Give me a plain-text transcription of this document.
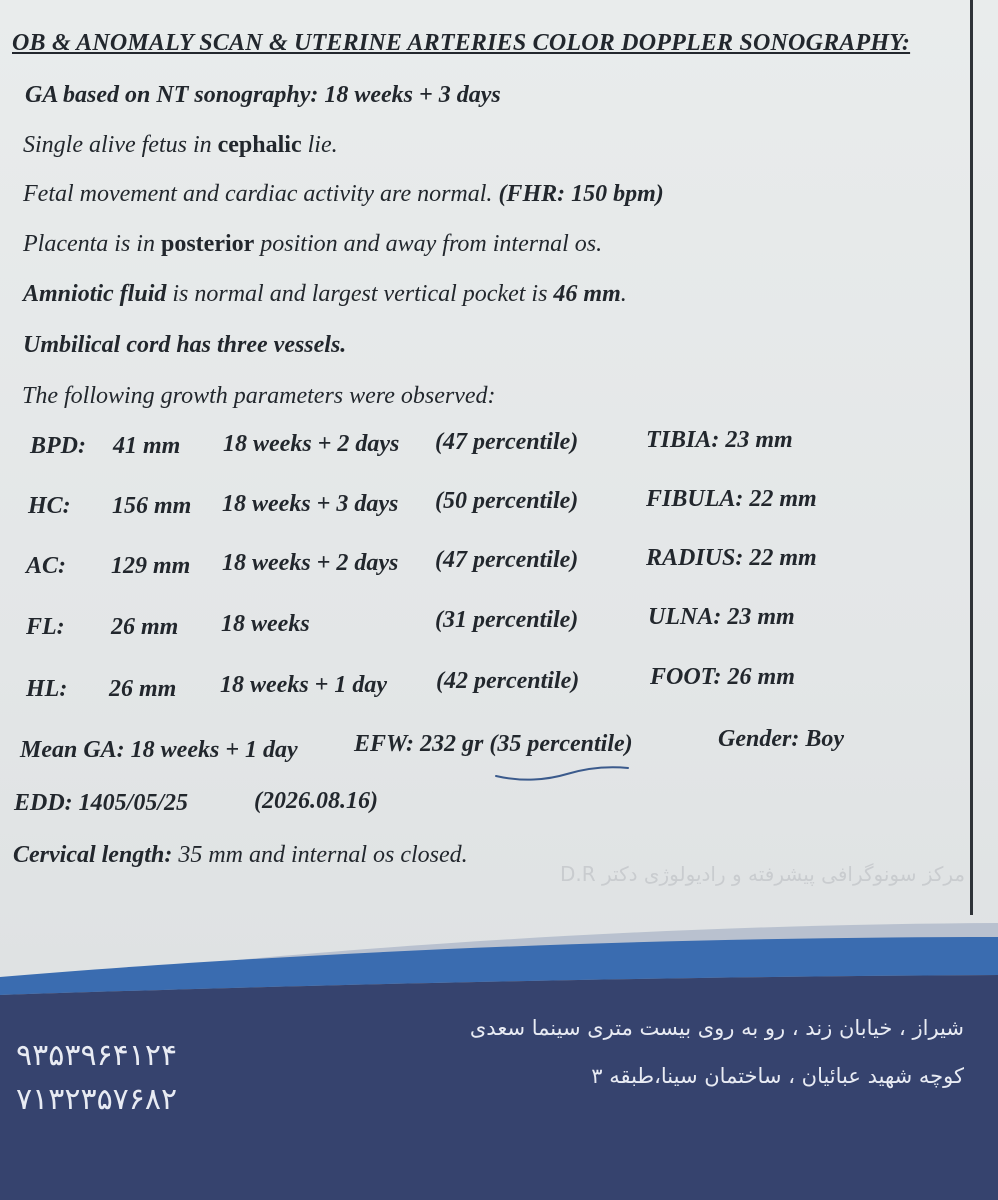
OB & ANOMALY SCAN & UTERINE ARTERIES COLOR DOPPLER SONOGRAPHY:
GA based on NT sonography: 18 weeks + 3 days
Single alive fetus in cephalic lie.
Fetal movement and cardiac activity are normal. (FHR: 150 bpm)
Placenta is in posterior position and away from internal os.
Amniotic fluid is normal and largest vertical pocket is 46 mm.
Umbilical cord has three vessels.
The following growth parameters were observed:
BPD: 41 mm 18 weeks + 2 days (47 percentile)	TIBIA: 23 mm
HC: 156 mm 18 weeks + 3 days (50 percentile)	FIBULA: 22 mm
AC: 129 mm 18 weeks + 2 days (47 percentile)	RADIUS: 22 mm
FL: 26 mm 18 weeks	(31 percentile)	ULNA: 23 mm
HL: 26 mm 18 weeks + 1 day (42 percentile)	FOOT: 26 mm
Mean GA: 18 weeks + 1 day EFW: 232 gr (35 percentile)	Gender: Boy
EDD: 1405/05/25	(2026.08.16)
Cervical length: 35 mm and internal os closed.
مرکز سونوگرافی پیشرفته و رادیولوژی دکتر D.R
۹۳۵۳۹۶۴۱۲۴
۷۱۳۲۳۵۷۶۸۲
شیراز ، خیابان زند ، رو به روی بیست متری سینما سعدی
کوچه شهید عبائیان ، ساختمان سینا،طبقه ۳
